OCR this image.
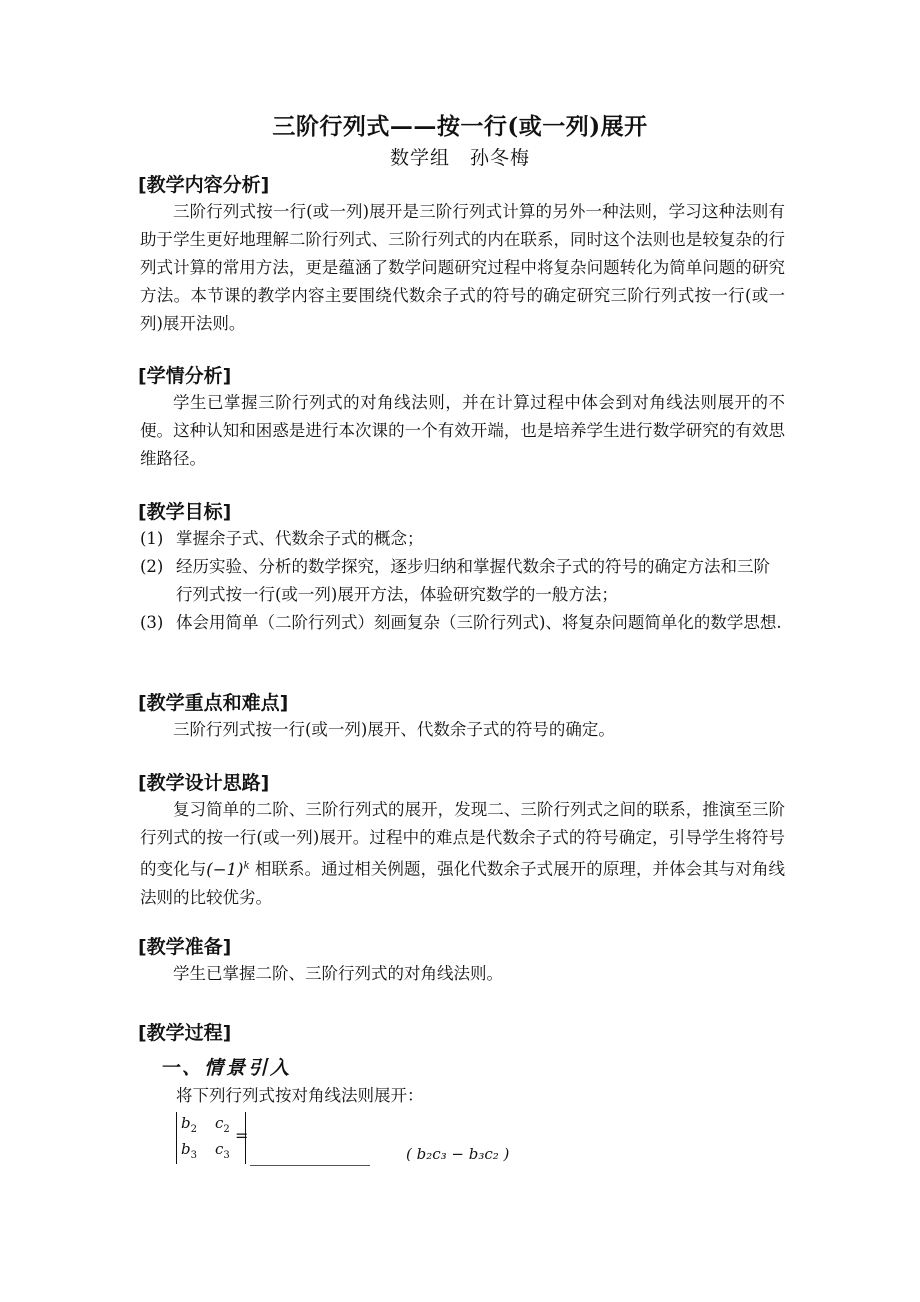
三阶行列式——按一行(或一列)展开
数学组　孙冬梅
[教学内容分析]
三阶行列式按一行(或一列)展开是三阶行列式计算的另外一种法则，学习这种法则有助于学生更好地理解二阶行列式、三阶行列式的内在联系，同时这个法则也是较复杂的行列式计算的常用方法，更是蕴涵了数学问题研究过程中将复杂问题转化为简单问题的研究方法。本节课的教学内容主要围绕代数余子式的符号的确定研究三阶行列式按一行(或一列)展开法则。
[学情分析]
学生已掌握三阶行列式的对角线法则，并在计算过程中体会到对角线法则展开的不便。这种认知和困惑是进行本次课的一个有效开端，也是培养学生进行数学研究的有效思维路径。
[教学目标]
(1) 掌握余子式、代数余子式的概念；
(2) 经历实验、分析的数学探究，逐步归纳和掌握代数余子式的符号的确定方法和三阶行列式按一行(或一列)展开方法，体验研究数学的一般方法；
(3) 体会用简单（二阶行列式）刻画复杂（三阶行列式)、将复杂问题简单化的数学思想.
[教学重点和难点]
三阶行列式按一行(或一列)展开、代数余子式的符号的确定。
[教学设计思路]
复习简单的二阶、三阶行列式的展开，发现二、三阶行列式之间的联系，推演至三阶行列式的按一行(或一列)展开。过程中的难点是代数余子式的符号确定，引导学生将符号的变化与$(-1)^k$ 相联系。通过相关例题，强化代数余子式展开的原理，并体会其与对角线法则的比较优劣。
[教学准备]
学生已掌握二阶、三阶行列式的对角线法则。
[教学过程]
一、情景引入
将下列行列式按对角线法则展开：
$b_2$ $c_2$
$b_3$ $c_3$
=
( b₂c₃ − b₃c₂ )
